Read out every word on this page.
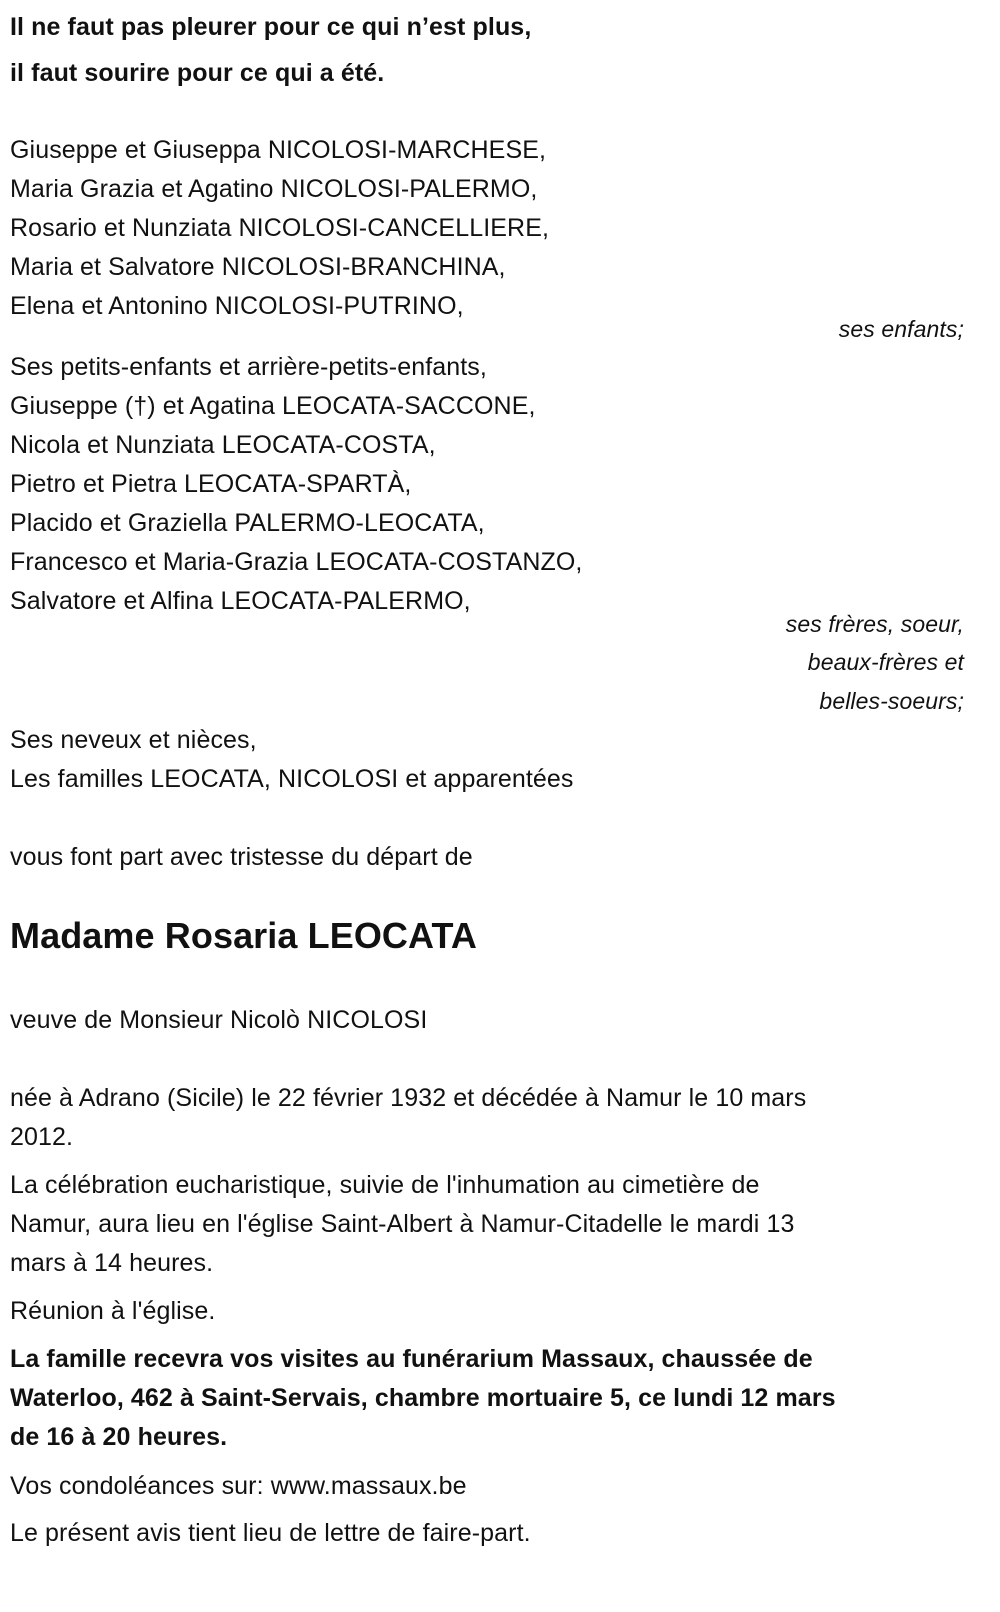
Il ne faut pas pleurer pour ce qui n’est plus,
il faut sourire pour ce qui a été.
Giuseppe et Giuseppa NICOLOSI-MARCHESE,
Maria Grazia et Agatino NICOLOSI-PALERMO,
Rosario et Nunziata NICOLOSI-CANCELLIERE,
Maria et Salvatore NICOLOSI-BRANCHINA,
Elena et Antonino NICOLOSI-PUTRINO,
ses enfants;
Ses petits-enfants et arrière-petits-enfants,
Giuseppe (†) et Agatina LEOCATA-SACCONE,
Nicola et Nunziata LEOCATA-COSTA,
Pietro et Pietra LEOCATA-SPARTÀ,
Placido et Graziella PALERMO-LEOCATA,
Francesco et Maria-Grazia LEOCATA-COSTANZO,
Salvatore et Alfina LEOCATA-PALERMO,
ses frères, soeur,
beaux-frères et
belles-soeurs;
Ses neveux et nièces,
Les familles LEOCATA, NICOLOSI et apparentées
vous font part avec tristesse du départ de
Madame Rosaria LEOCATA
veuve de Monsieur Nicolò NICOLOSI
née à Adrano (Sicile) le 22 février 1932 et décédée à Namur le 10 mars
2012.
La célébration eucharistique, suivie de l'inhumation au cimetière de
Namur, aura lieu en l'église Saint-Albert à Namur-Citadelle le mardi 13
mars à 14 heures.
Réunion à l'église.
La famille recevra vos visites au funérarium Massaux, chaussée de
Waterloo, 462 à Saint-Servais, chambre mortuaire 5, ce lundi 12 mars
de 16 à 20 heures.
Vos condoléances sur: www.massaux.be
Le présent avis tient lieu de lettre de faire-part.
